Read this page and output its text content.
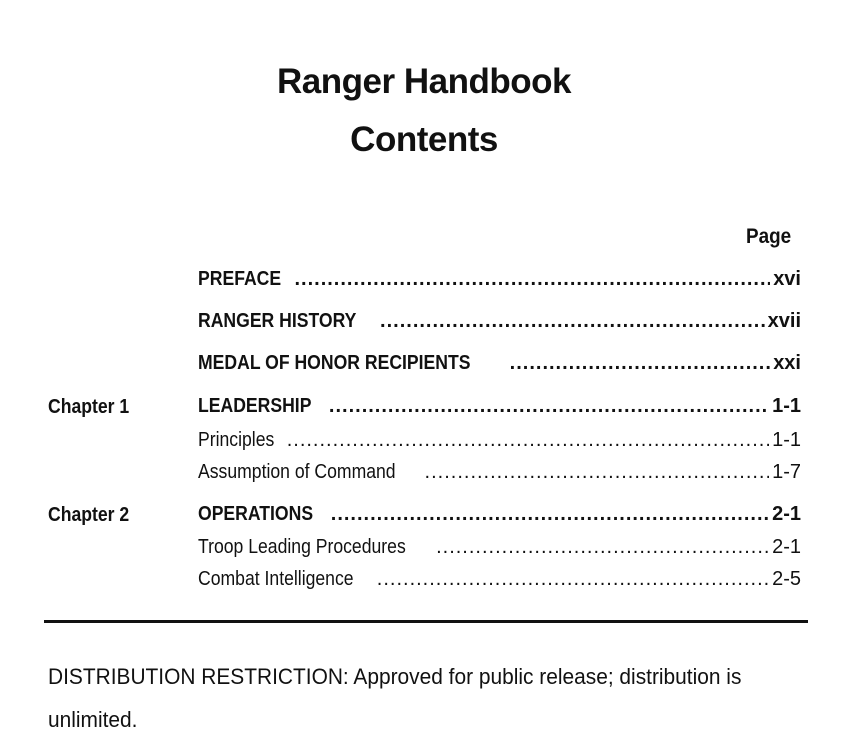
Ranger Handbook
Contents
Page
PREFACE .....	xvi
RANGER HISTORY .....	xvii
MEDAL OF HONOR RECIPIENTS .....	xxi
Chapter 1	LEADERSHIP .....	1-1
Principles .....	1-1
Assumption of Command .....	1-7
Chapter 2	OPERATIONS .....	2-1
Troop Leading Procedures .....	2-1
Combat Intelligence .....	2-5
DISTRIBUTION RESTRICTION: Approved for public release; distribution is unlimited.
